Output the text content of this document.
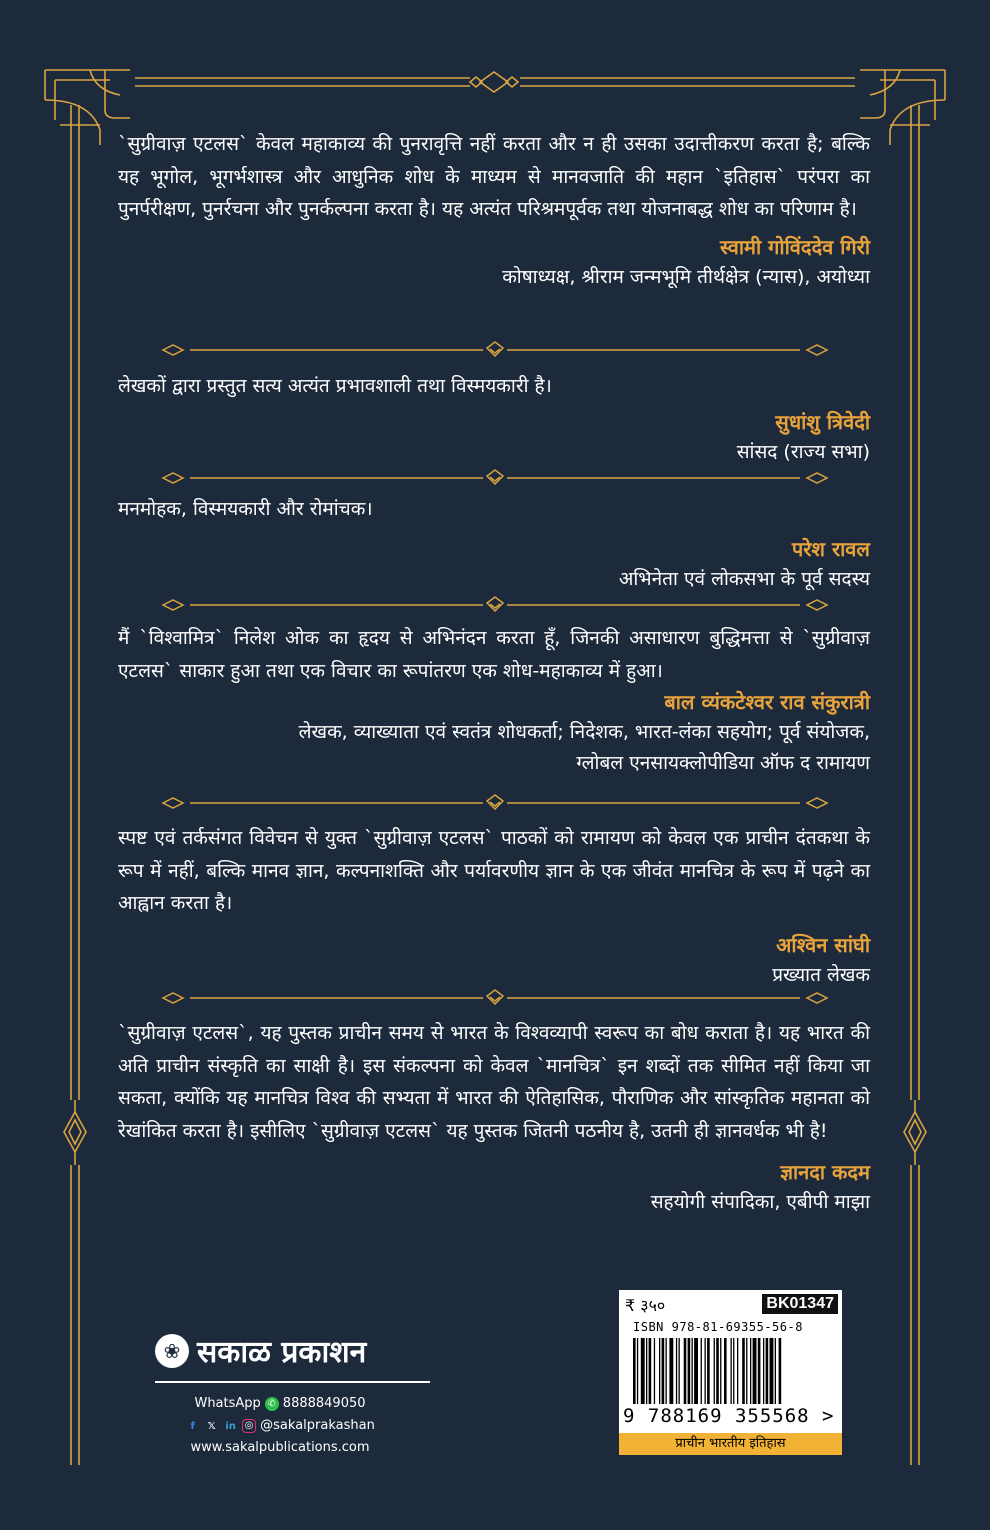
`सुग्रीवाज़ एटलस` केवल महाकाव्य की पुनरावृत्ति नहीं करता और न ही उसका उदात्तीकरण करता है; बल्कि यह भूगोल, भूगर्भशास्त्र और आधुनिक शोध के माध्यम से मानवजाति की महान `इतिहास` परंपरा का पुनर्परीक्षण, पुनर्रचना और पुनर्कल्पना करता है। यह अत्यंत परिश्रमपूर्वक तथा योजनाबद्ध शोध का परिणाम है।

स्वामी गोविंददेव गिरी

कोषाध्यक्ष, श्रीराम जन्मभूमि तीर्थक्षेत्र (न्यास), अयोध्या

लेखकों द्वारा प्रस्तुत सत्य अत्यंत प्रभावशाली तथा विस्मयकारी है।

सुधांशु त्रिवेदी

सांसद (राज्य सभा)

मनमोहक, विस्मयकारी और रोमांचक।

परेश रावल

अभिनेता एवं लोकसभा के पूर्व सदस्य

मैं `विश्वामित्र` निलेश ओक का हृदय से अभिनंदन करता हूँ, जिनकी असाधारण बुद्धिमत्ता से `सुग्रीवाज़ एटलस` साकार हुआ तथा एक विचार का रूपांतरण एक शोध-महाकाव्य में हुआ।

बाल व्यंकटेश्वर राव संकुरात्री

लेखक, व्याख्याता एवं स्वतंत्र शोधकर्ता; निदेशक, भारत-लंका सहयोग; पूर्व संयोजक,

ग्लोबल एनसायक्लोपीडिया ऑफ द रामायण

स्पष्ट एवं तर्कसंगत विवेचन से युक्त `सुग्रीवाज़ एटलस` पाठकों को रामायण को केवल एक प्राचीन दंतकथा के रूप में नहीं, बल्कि मानव ज्ञान, कल्पनाशक्ति और पर्यावरणीय ज्ञान के एक जीवंत मानचित्र के रूप में पढ़ने का आह्वान करता है।

अश्विन सांघी

प्रख्यात लेखक

`सुग्रीवाज़ एटलस`, यह पुस्तक प्राचीन समय से भारत के विश्वव्यापी स्वरूप का बोध कराता है। यह भारत की अति प्राचीन संस्कृति का साक्षी है। इस संकल्पना को केवल `मानचित्र` इन शब्दों तक सीमित नहीं किया जा सकता, क्योंकि यह मानचित्र विश्व की सभ्यता में भारत की ऐतिहासिक, पौराणिक और सांस्कृतिक महानता को रेखांकित करता है। इसीलिए `सुग्रीवाज़ एटलस` यह पुस्तक जितनी पठनीय है, उतनी ही ज्ञानवर्धक भी है!

ज्ञानदा कदम

सहयोगी संपादिका, एबीपी माझा

❀ सकाळ प्रकाशन
WhatsApp ✆ 8888849050
f	𝕏 in ◎ @sakalprakashan
www.sakalpublications.com
₹ ३५०	BK01347
ISBN 978-81-69355-56-8
9 788169 355568 >
प्राचीन भारतीय इतिहास
